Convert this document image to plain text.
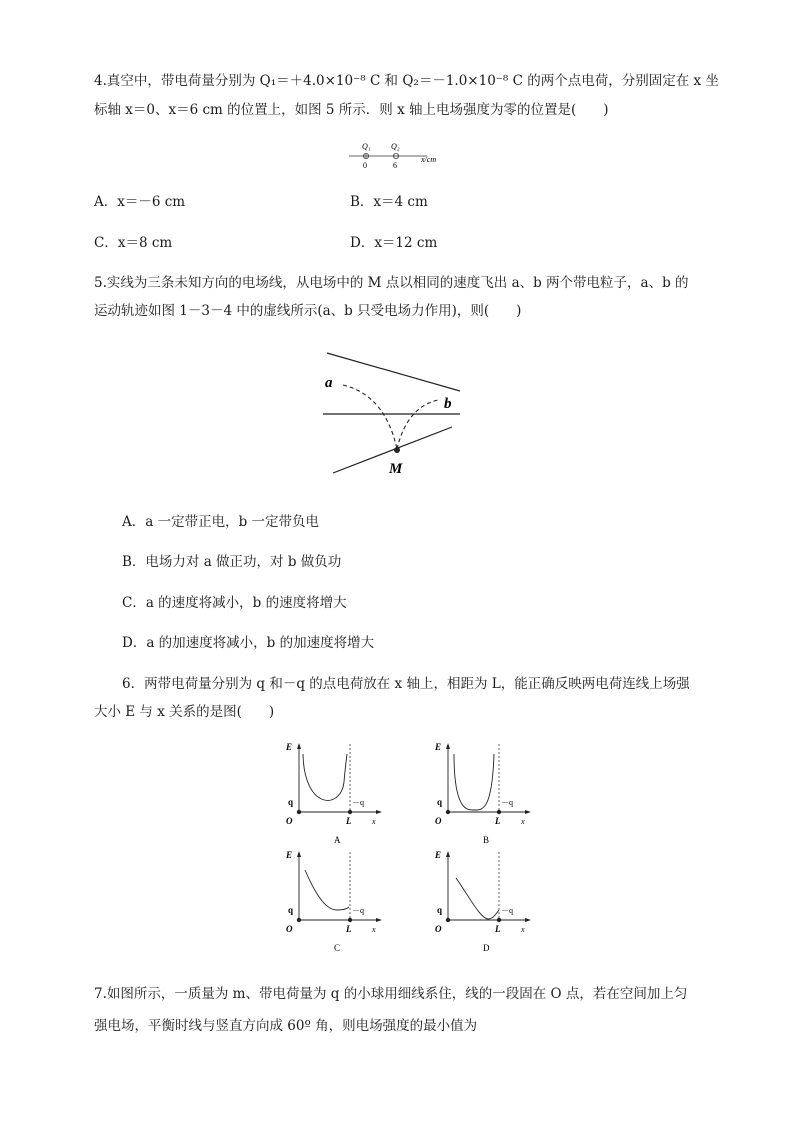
4.真空中，带电荷量分别为 Q₁＝＋4.0×10⁻⁸ C 和 Q₂＝－1.0×10⁻⁸ C 的两个点电荷，分别固定在 x 坐
标轴 x＝0、x＝6 cm 的位置上，如图 5 所示．则 x 轴上电场强度为零的位置是(　　)
Q₁	Q₂
0	6
x/cm
A．x＝－6 cm	B．x＝4 cm
C．x＝8 cm	D．x＝12 cm
5.实线为三条未知方向的电场线，从电场中的 M 点以相同的速度飞出 a、b 两个带电粒子，a、b 的
运动轨迹如图 1－3－4 中的虚线所示(a、b 只受电场力作用)，则(　　)
a
b
M
A．a 一定带正电，b 一定带负电
B．电场力对 a 做正功，对 b 做负功
C．a 的速度将减小，b 的速度将增大
D．a 的加速度将减小，b 的加速度将增大
6．两带电荷量分别为 q 和－q 的点电荷放在 x 轴上，相距为 L，能正确反映两电荷连线上场强
大小 E 与 x 关系的是图(　　)
E
q
O	L
－q
x
A
E
q
O	L
－q
x
B
E
q
O	L
－q
x
C
E
q
O	L
－q
x
D
7.如图所示，一质量为 m、带电荷量为 q 的小球用细线系住，线的一段固在 O 点，若在空间加上匀
强电场，平衡时线与竖直方向成 60º 角，则电场强度的最小值为
